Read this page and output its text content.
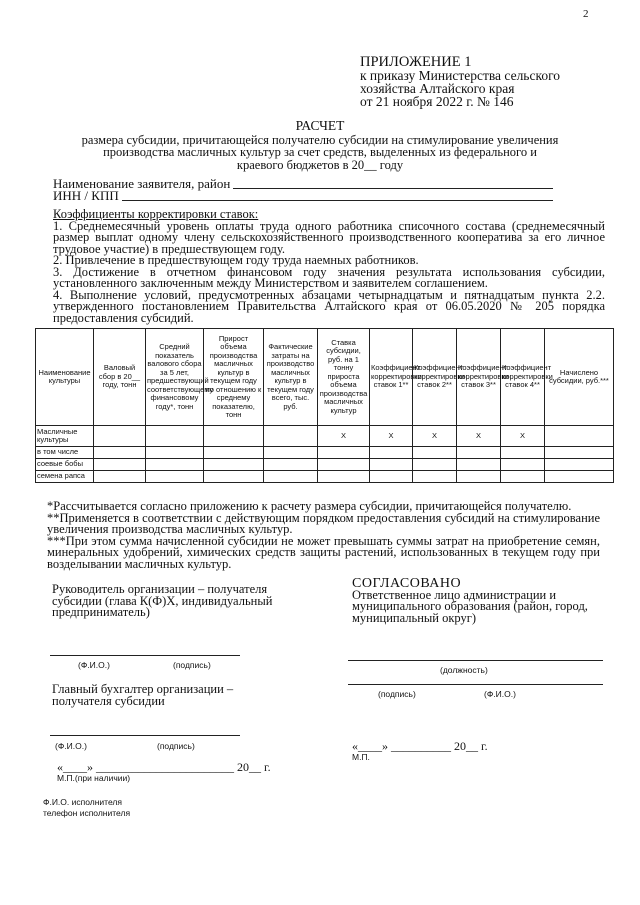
2
ПРИЛОЖЕНИЕ 1
к приказу Министерства сельского
хозяйства Алтайского края
от 21 ноября 2022 г. № 146
РАСЧЕТ
размера субсидии, причитающейся получателю субсидии на стимулирование увеличения
производства масличных культур за счет средств, выделенных из федерального и
краевого бюджетов в 20__ году
Наименование заявителя, район
ИНН / КПП
Коэффициенты корректировки ставок:
1. Среднемесячный уровень оплаты труда одного работника списочного состава (среднемесячный размер выплат одному члену сельскохозяйственного производственного кооператива за его личное трудовое участие) в предшествующем году.
2. Привлечение в предшествующем году труда наемных работников.
3. Достижение в отчетном финансовом году значения результата использования субсидии, установленного заключенным между Министерством и заявителем соглашением.
4. Выполнение условий, предусмотренных абзацами четырнадцатым и пятнадцатым пункта 2.2. утвержденного постановлением Правительства Алтайского края от 06.05.2020 № 205 порядка предоставления субсидий.
Наименование культуры	Валовый сбор в 20__ году, тонн	Средний показатель валового сбора за 5 лет, предшествующий соответствующему финансовому году*, тонн	Прирост объема производства масличных культур в текущем году по отношению к среднему показателю, тонн	Фактические затраты на производство масличных культур в текущем году всего, тыс. руб.	Ставка субсидии, руб. на 1 тонну прироста объема производства масличных культур	Коэффициент корректировки ставок 1**	Коэффициент корректировки ставок 2**	Коэффициент корректировки ставок 3**	Коэффициент корректировки ставок 4**	Начислено субсидии, руб.***
Масличные культуры					X	X	X	X	X	
в том числе										
соевые бобы										
семена рапса										
*Рассчитывается согласно приложению к расчету размера субсидии, причитающейся получателю.
**Применяется в соответствии с действующим порядком предоставления субсидий на стимулирование увеличения производства масличных культур.
***При этом сумма начисленной субсидии не может превышать суммы затрат на приобретение семян, минеральных удобрений, химических средств защиты растений, использованных в текущем году при возделывании масличных культур.
Руководитель организации – получателя субсидии (глава К(Ф)Х, индивидуальный предприниматель)
(Ф.И.О.)	(подпись)
Главный бухгалтер организации – получателя субсидии
(Ф.И.О.)	(подпись)
«____» _______________________ 20__ г.
М.П.(при наличии)
Ф.И.О. исполнителя
телефон исполнителя
СОГЛАСОВАНО
Ответственное лицо администрации и муниципального образования (район, город, муниципальный округ)
(должность)
(подпись)	(Ф.И.О.)
«____» __________ 20__ г.
М.П.
